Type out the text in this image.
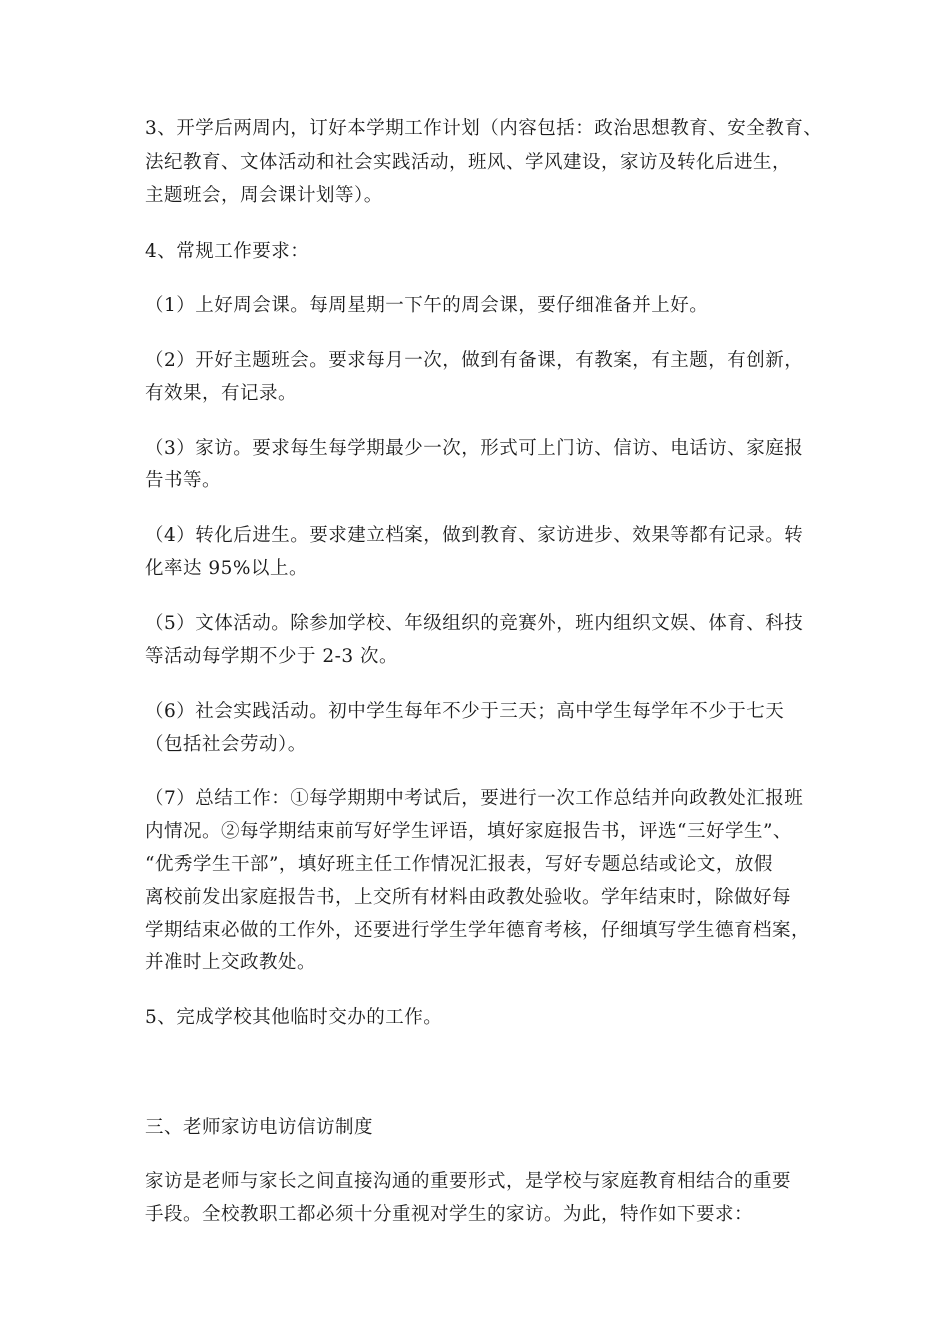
3、开学后两周内，订好本学期工作计划（内容包括：政治思想教育、安全教育、
法纪教育、文体活动和社会实践活动，班风、学风建设，家访及转化后进生，
主题班会，周会课计划等）。
4、常规工作要求：
（1）上好周会课。每周星期一下午的周会课，要仔细准备并上好。
（2）开好主题班会。要求每月一次，做到有备课，有教案，有主题，有创新，
有效果，有记录。
（3）家访。要求每生每学期最少一次，形式可上门访、信访、电话访、家庭报
告书等。
（4）转化后进生。要求建立档案，做到教育、家访进步、效果等都有记录。转
化率达 95%以上。
（5）文体活动。除参加学校、年级组织的竞赛外，班内组织文娱、体育、科技
等活动每学期不少于 2-3 次。
（6）社会实践活动。初中学生每年不少于三天；高中学生每学年不少于七天
（包括社会劳动）。
（7）总结工作：①每学期期中考试后，要进行一次工作总结并向政教处汇报班
内情况。②每学期结束前写好学生评语，填好家庭报告书，评选“三好学生”、
“优秀学生干部”，填好班主任工作情况汇报表，写好专题总结或论文，放假
离校前发出家庭报告书，上交所有材料由政教处验收。学年结束时，除做好每
学期结束必做的工作外，还要进行学生学年德育考核，仔细填写学生德育档案，
并准时上交政教处。
5、完成学校其他临时交办的工作。
三、老师家访电访信访制度
家访是老师与家长之间直接沟通的重要形式，是学校与家庭教育相结合的重要
手段。全校教职工都必须十分重视对学生的家访。为此，特作如下要求：
